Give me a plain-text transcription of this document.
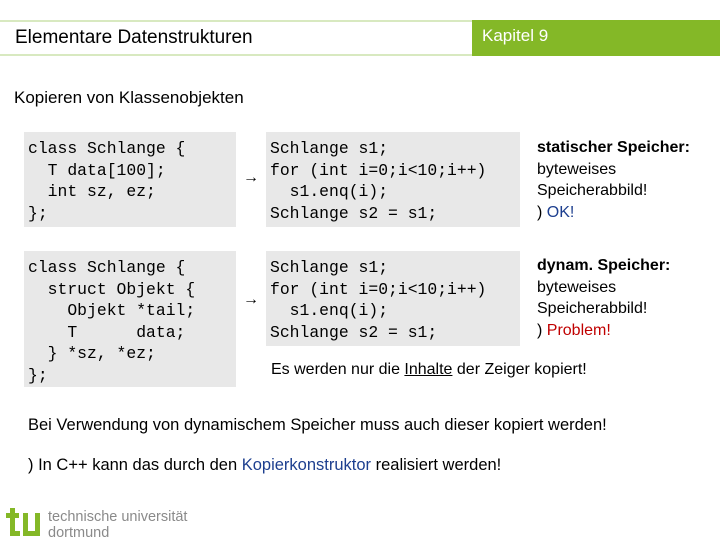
Elementare Datenstrukturen	Kapitel 9
Kopieren von Klassenobjekten
class Schlange {
T data[100];
int sz, ez;
};
→
Schlange s1;
for (int i=0;i<10;i++)
s1.enq(i);
Schlange s2 = s1;
statischer Speicher:
byteweises
Speicherabbild!
) OK!
class Schlange {
struct Objekt {
Objekt *tail;
T      data;
} *sz, *ez;
};
→
Schlange s1;
for (int i=0;i<10;i++)
s1.enq(i);
Schlange s2 = s1;
dynam. Speicher:
byteweises
Speicherabbild!
) Problem!
Es werden nur die Inhalte der Zeiger kopiert!
Bei Verwendung von dynamischem Speicher muss auch dieser kopiert werden!
) In C++ kann das durch den Kopierkonstruktor realisiert werden!
technische universität
dortmund
